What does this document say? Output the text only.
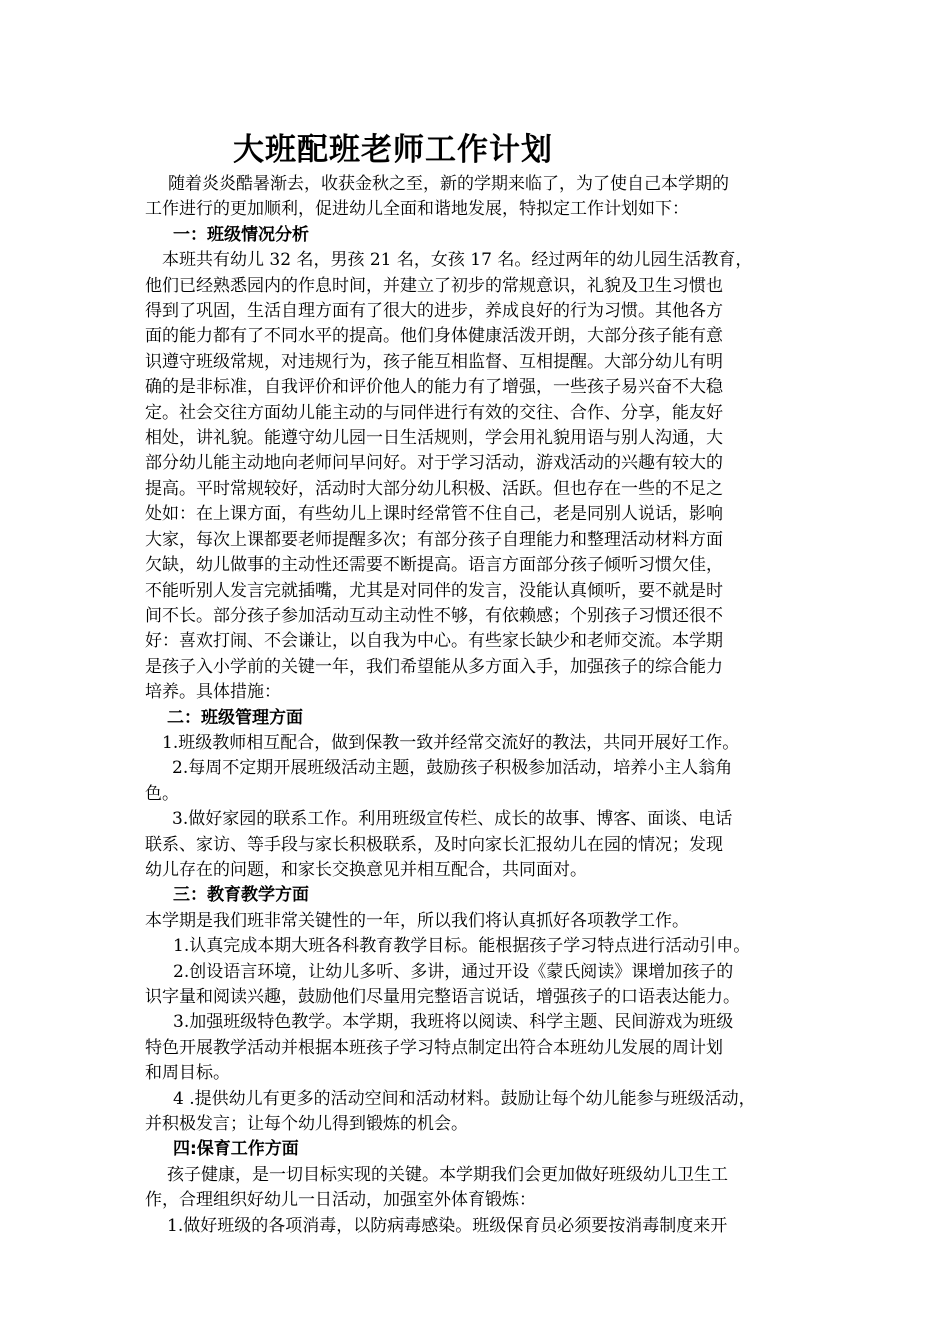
大班配班老师工作计划
随着炎炎酷暑渐去，收获金秋之至，新的学期来临了，为了使自己本学期的
工作进行的更加顺利，促进幼儿全面和谐地发展，特拟定工作计划如下：
一：班级情况分析
本班共有幼儿 32 名，男孩 21 名，女孩 17 名。经过两年的幼儿园生活教育，
他们已经熟悉园内的作息时间，并建立了初步的常规意识，礼貌及卫生习惯也
得到了巩固，生活自理方面有了很大的进步，养成良好的行为习惯。其他各方
面的能力都有了不同水平的提高。他们身体健康活泼开朗，大部分孩子能有意
识遵守班级常规，对违规行为，孩子能互相监督、互相提醒。大部分幼儿有明
确的是非标准，自我评价和评价他人的能力有了增强，一些孩子易兴奋不大稳
定。社会交往方面幼儿能主动的与同伴进行有效的交往、合作、分享，能友好
相处，讲礼貌。能遵守幼儿园一日生活规则，学会用礼貌用语与别人沟通，大
部分幼儿能主动地向老师问早问好。对于学习活动，游戏活动的兴趣有较大的
提高。平时常规较好，活动时大部分幼儿积极、活跃。但也存在一些的不足之
处如：在上课方面，有些幼儿上课时经常管不住自己，老是同别人说话，影响
大家，每次上课都要老师提醒多次；有部分孩子自理能力和整理活动材料方面
欠缺，幼儿做事的主动性还需要不断提高。语言方面部分孩子倾听习惯欠佳，
不能听别人发言完就插嘴，尤其是对同伴的发言，没能认真倾听，要不就是时
间不长。部分孩子参加活动互动主动性不够，有依赖感；个别孩子习惯还很不
好：喜欢打闹、不会谦让，以自我为中心。有些家长缺少和老师交流。本学期
是孩子入小学前的关键一年，我们希望能从多方面入手，加强孩子的综合能力
培养。具体措施：
二：班级管理方面
1.班级教师相互配合，做到保教一致并经常交流好的教法，共同开展好工作。
2.每周不定期开展班级活动主题，鼓励孩子积极参加活动，培养小主人翁角
色。
3.做好家园的联系工作。利用班级宣传栏、成长的故事、博客、面谈、电话
联系、家访、等手段与家长积极联系，及时向家长汇报幼儿在园的情况；发现
幼儿存在的问题，和家长交换意见并相互配合，共同面对。
三：教育教学方面
本学期是我们班非常关键性的一年，所以我们将认真抓好各项教学工作。
1.认真完成本期大班各科教育教学目标。能根据孩子学习特点进行活动引申。
2.创设语言环境，让幼儿多听、多讲，通过开设《蒙氏阅读》课增加孩子的
识字量和阅读兴趣，鼓励他们尽量用完整语言说话，增强孩子的口语表达能力。
3.加强班级特色教学。本学期，我班将以阅读、科学主题、民间游戏为班级
特色开展教学活动并根据本班孩子学习特点制定出符合本班幼儿发展的周计划
和周目标。
4 .提供幼儿有更多的活动空间和活动材料。鼓励让每个幼儿能参与班级活动，
并积极发言；让每个幼儿得到锻炼的机会。
四:保育工作方面
孩子健康，是一切目标实现的关键。本学期我们会更加做好班级幼儿卫生工
作，合理组织好幼儿一日活动，加强室外体育锻炼：
1.做好班级的各项消毒，以防病毒感染。班级保育员必须要按消毒制度来开
